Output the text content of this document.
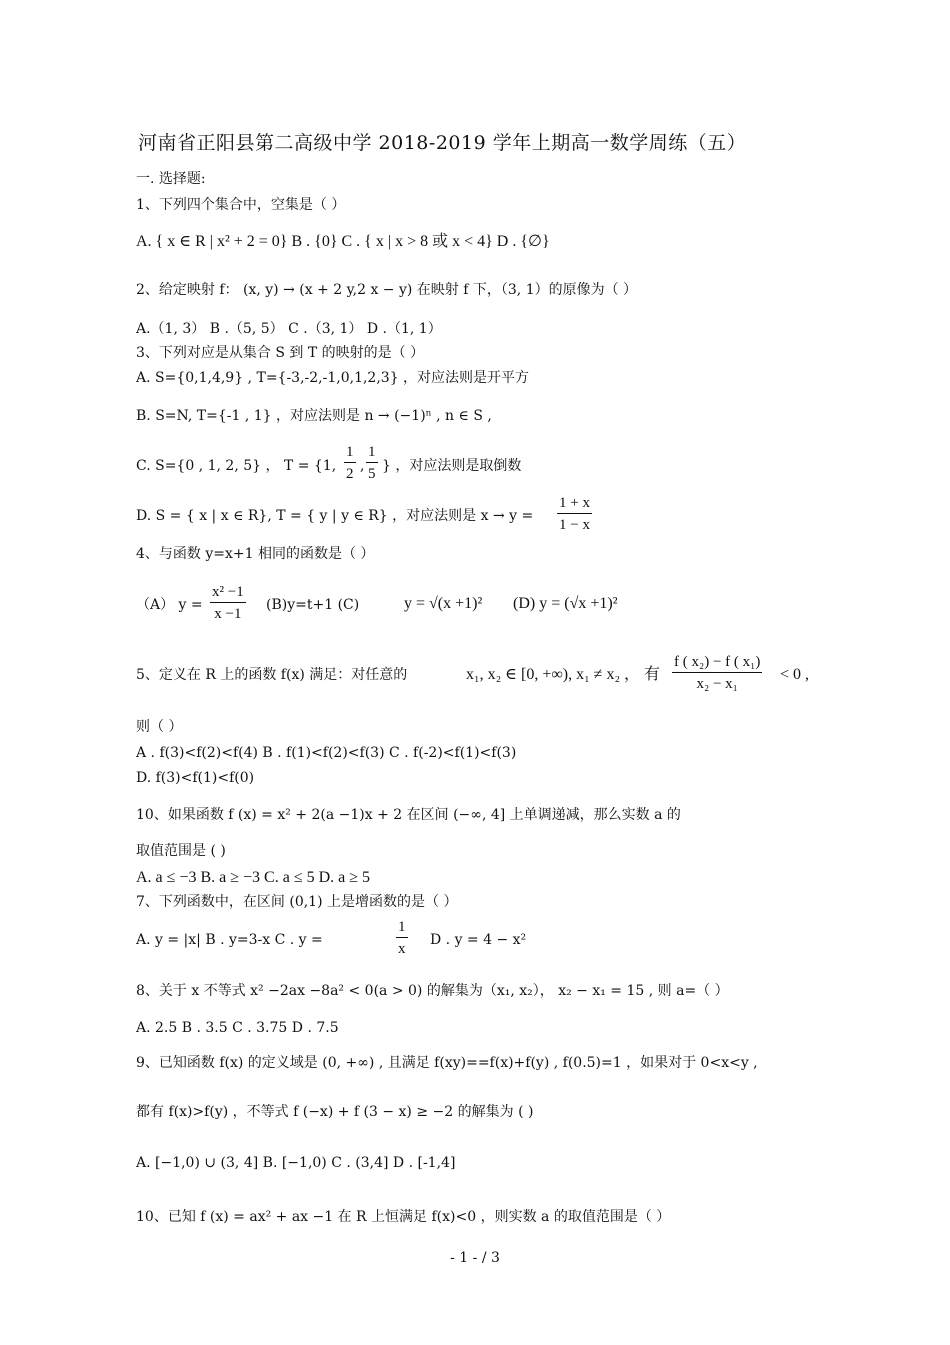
河南省正阳县第二高级中学 2018-2019 学年上期高一数学周练（五）
一. 选择题:
1、下列四个集合中，空集是（ ）
A. { x ∈ R | x² + 2 = 0} B . {0} C . { x | x > 8 或 x < 4} D . {∅}
2、给定映射 f： (x, y) → (x + 2 y,2 x − y) 在映射 f 下，（3, 1）的原像为（ ）
A.（1, 3） B .（5, 5） C .（3, 1） D .（1, 1）
3、下列对应是从集合 S 到 T 的映射的是（ ）
A. S={0,1,4,9} , T={-3,-2,-1,0,1,2,3} ，对应法则是开平方
B. S=N, T={-1 , 1} ，对应法则是 n → (−1)ⁿ , n ∈ S ,
C. S={0 , 1, 2, 5} ， T = {1, $\frac{1}{2}$ , $\frac{1}{5}$ } ，对应法则是取倒数
D. S = { x | x ∈ R}, T = { y | y ∈ R} ，对应法则是 $x \to y = \frac{1 + x}{1 - x}$
4、与函数 y=x+1 相同的函数是（ ）
（A） $y = \frac{\text{x² −1}}{x -1} (B)y=t+1$ (C)	y = √(x +1)² (D) y = (√x +1)²
5、定义在 R 上的函数 f(x) 满足：对任意的	x₁, x₂ ∈ [0, +∞), x₁ ≠ x₂ ， 有 $\frac{\text{f ( x₂) − f ( x₁)}}{\text{x₂ − x₁}} < 0$ ,
则（ ）
A . f(3)<f(2)<f(4) B . f(1)<f(2)<f(3) C . f(-2)<f(1)<f(3)
D. f(3)<f(1)<f(0)
10、如果函数 f (x) = x² + 2(a −1)x + 2 在区间 (−∞, 4] 上单调递减，那么实数 a 的
取值范围是 ( )
A. a ≤ −3 B. a ≥ −3 C. a ≤ 5 D. a ≥ 5
7、下列函数中，在区间 (0,1) 上是增函数的是（ ）
A. y = |x| B . y=3-x C . y =	$\frac{1}{x}$ D . y = 4 − x²
8、关于 x 不等式 x² −2ax −8a² < 0(a > 0) 的解集为（x₁, x₂）， x₂ − x₁ = 15 , 则 a=（ ）
A. 2.5 B . 3.5 C . 3.75 D . 7.5
9、已知函数 f(x) 的定义域是 (0, +∞) , 且满足 f(xy)==f(x)+f(y) , f(0.5)=1 ，如果对于 0<x<y ,
都有 f(x)>f(y) ，不等式 f (−x) + f (3 − x) ≥ −2 的解集为 ( )
A. [−1,0) ∪ (3, 4] B. [−1,0) C . (3,4] D . [-1,4]
10、已知 f (x) = ax² + ax −1 在 R 上恒满足 f(x)<0 ，则实数 a 的取值范围是（ ）
- 1 - / 3
